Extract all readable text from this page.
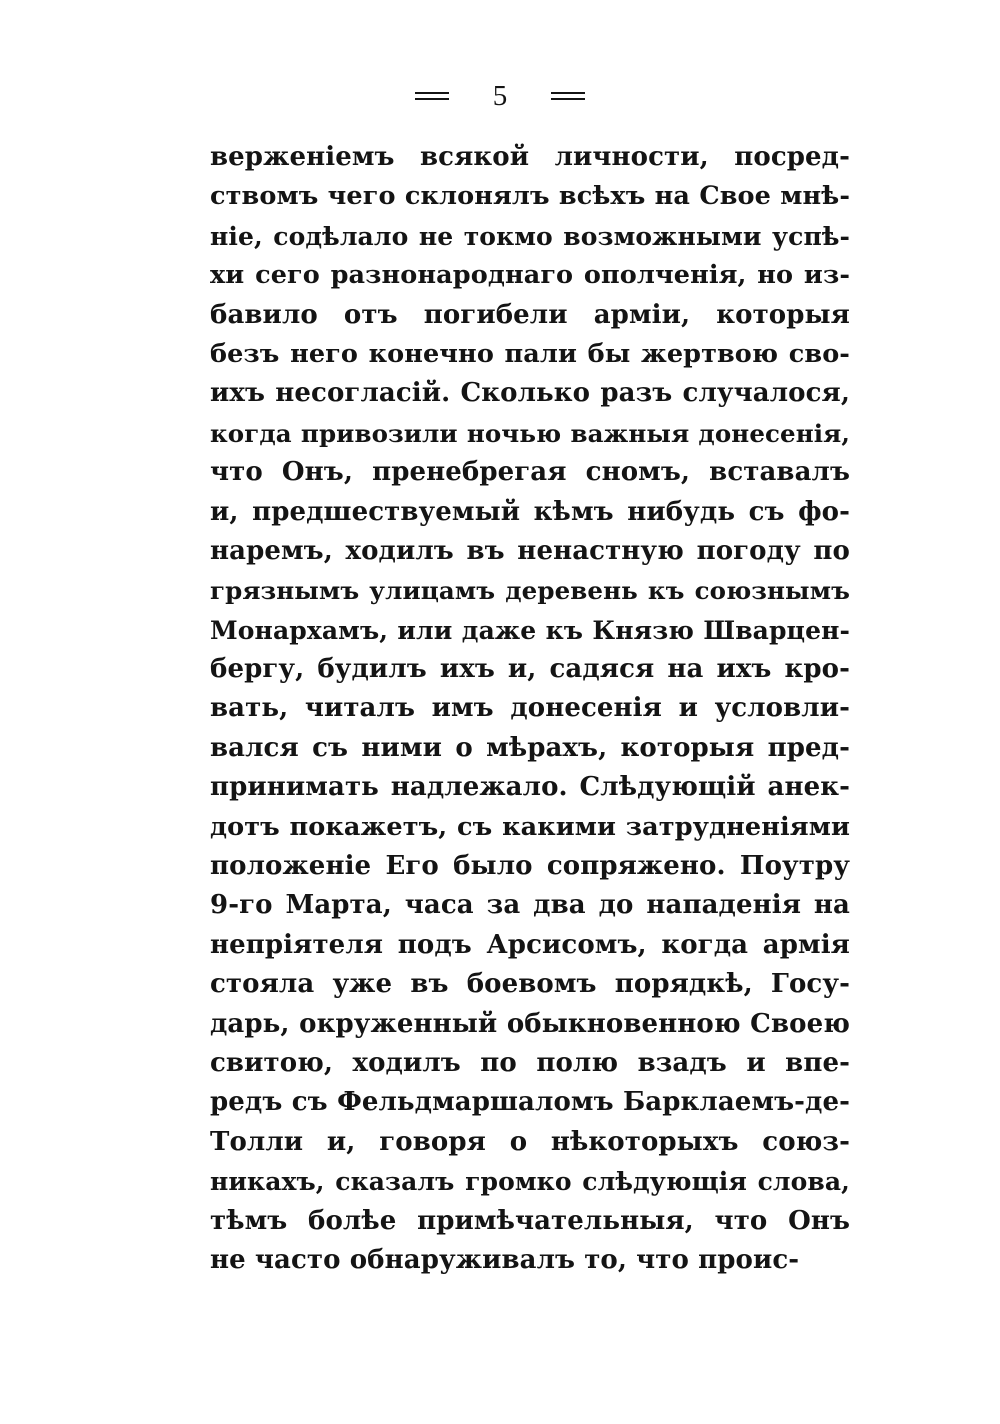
5
верженіемъ всякой личности, посред-
ствомъ чего склонялъ всѣхъ на Свое мнѣ-
ніе, содѣлало не токмо возможными успѣ-
хи сего разнонароднаго ополченія, но из-
бавило отъ погибели арміи, которыя
безъ него конечно пали бы жертвою сво-
ихъ несогласій. Сколько разъ случалося,
когда привозили ночью важныя донесенія,
что Онъ, пренебрегая сномъ, вставалъ
и, предшествуемый кѣмъ нибудь съ фо-
наремъ, ходилъ въ ненастную погоду по
грязнымъ улицамъ деревень къ союзнымъ
Монархамъ, или даже къ Князю Шварцен-
бергу, будилъ ихъ и, садяся на ихъ кро-
вать, читалъ имъ донесенія и условли-
вался съ ними о мѣрахъ, которыя пред-
принимать надлежало. Слѣдующій анек-
дотъ покажетъ, съ какими затрудненіями
положеніе Его было сопряжено. Поутру
9-го Марта, часа за два до нападенія на
непріятеля подъ Арсисомъ, когда армія
стояла уже въ боевомъ порядкѣ, Госу-
дарь, окруженный обыкновенною Своею
свитою, ходилъ по полю взадъ и впе-
редъ съ Фельдмаршаломъ Барклаемъ-де-
Толли и, говоря о нѣкоторыхъ союз-
никахъ, сказалъ громко слѣдующія слова,
тѣмъ болѣе примѣчательныя, что Онъ
не часто обнаруживалъ то, что проис-
